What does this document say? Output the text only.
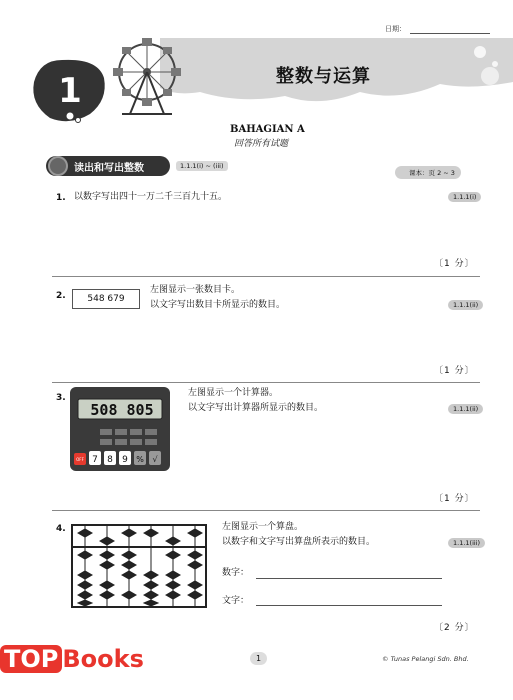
日期：
1	整数与运算
BAHAGIAN A
回答所有试题
读出和写出整数	1.1.1(i) ~ (iii)
课本：页 2 ~ 3
1. 以数字写出四十一万二千三百九十五。	1.1.1(i)
〔1 分〕
2.	548 679
左图显示一张数目卡。
以文字写出数目卡所显示的数目。	1.1.1(ii)
〔1 分〕
3.
508 805
OFF 7 8 9 % √
左图显示一个计算器。
以文字写出计算器所显示的数目。	1.1.1(ii)
〔1 分〕
4.	左图显示一个算盘。
以数字和文字写出算盘所表示的数目。	1.1.1(iii)
数字：
文字：
〔2 分〕
TOP Books	1	© Tunas Pelangi Sdn. Bhd.
